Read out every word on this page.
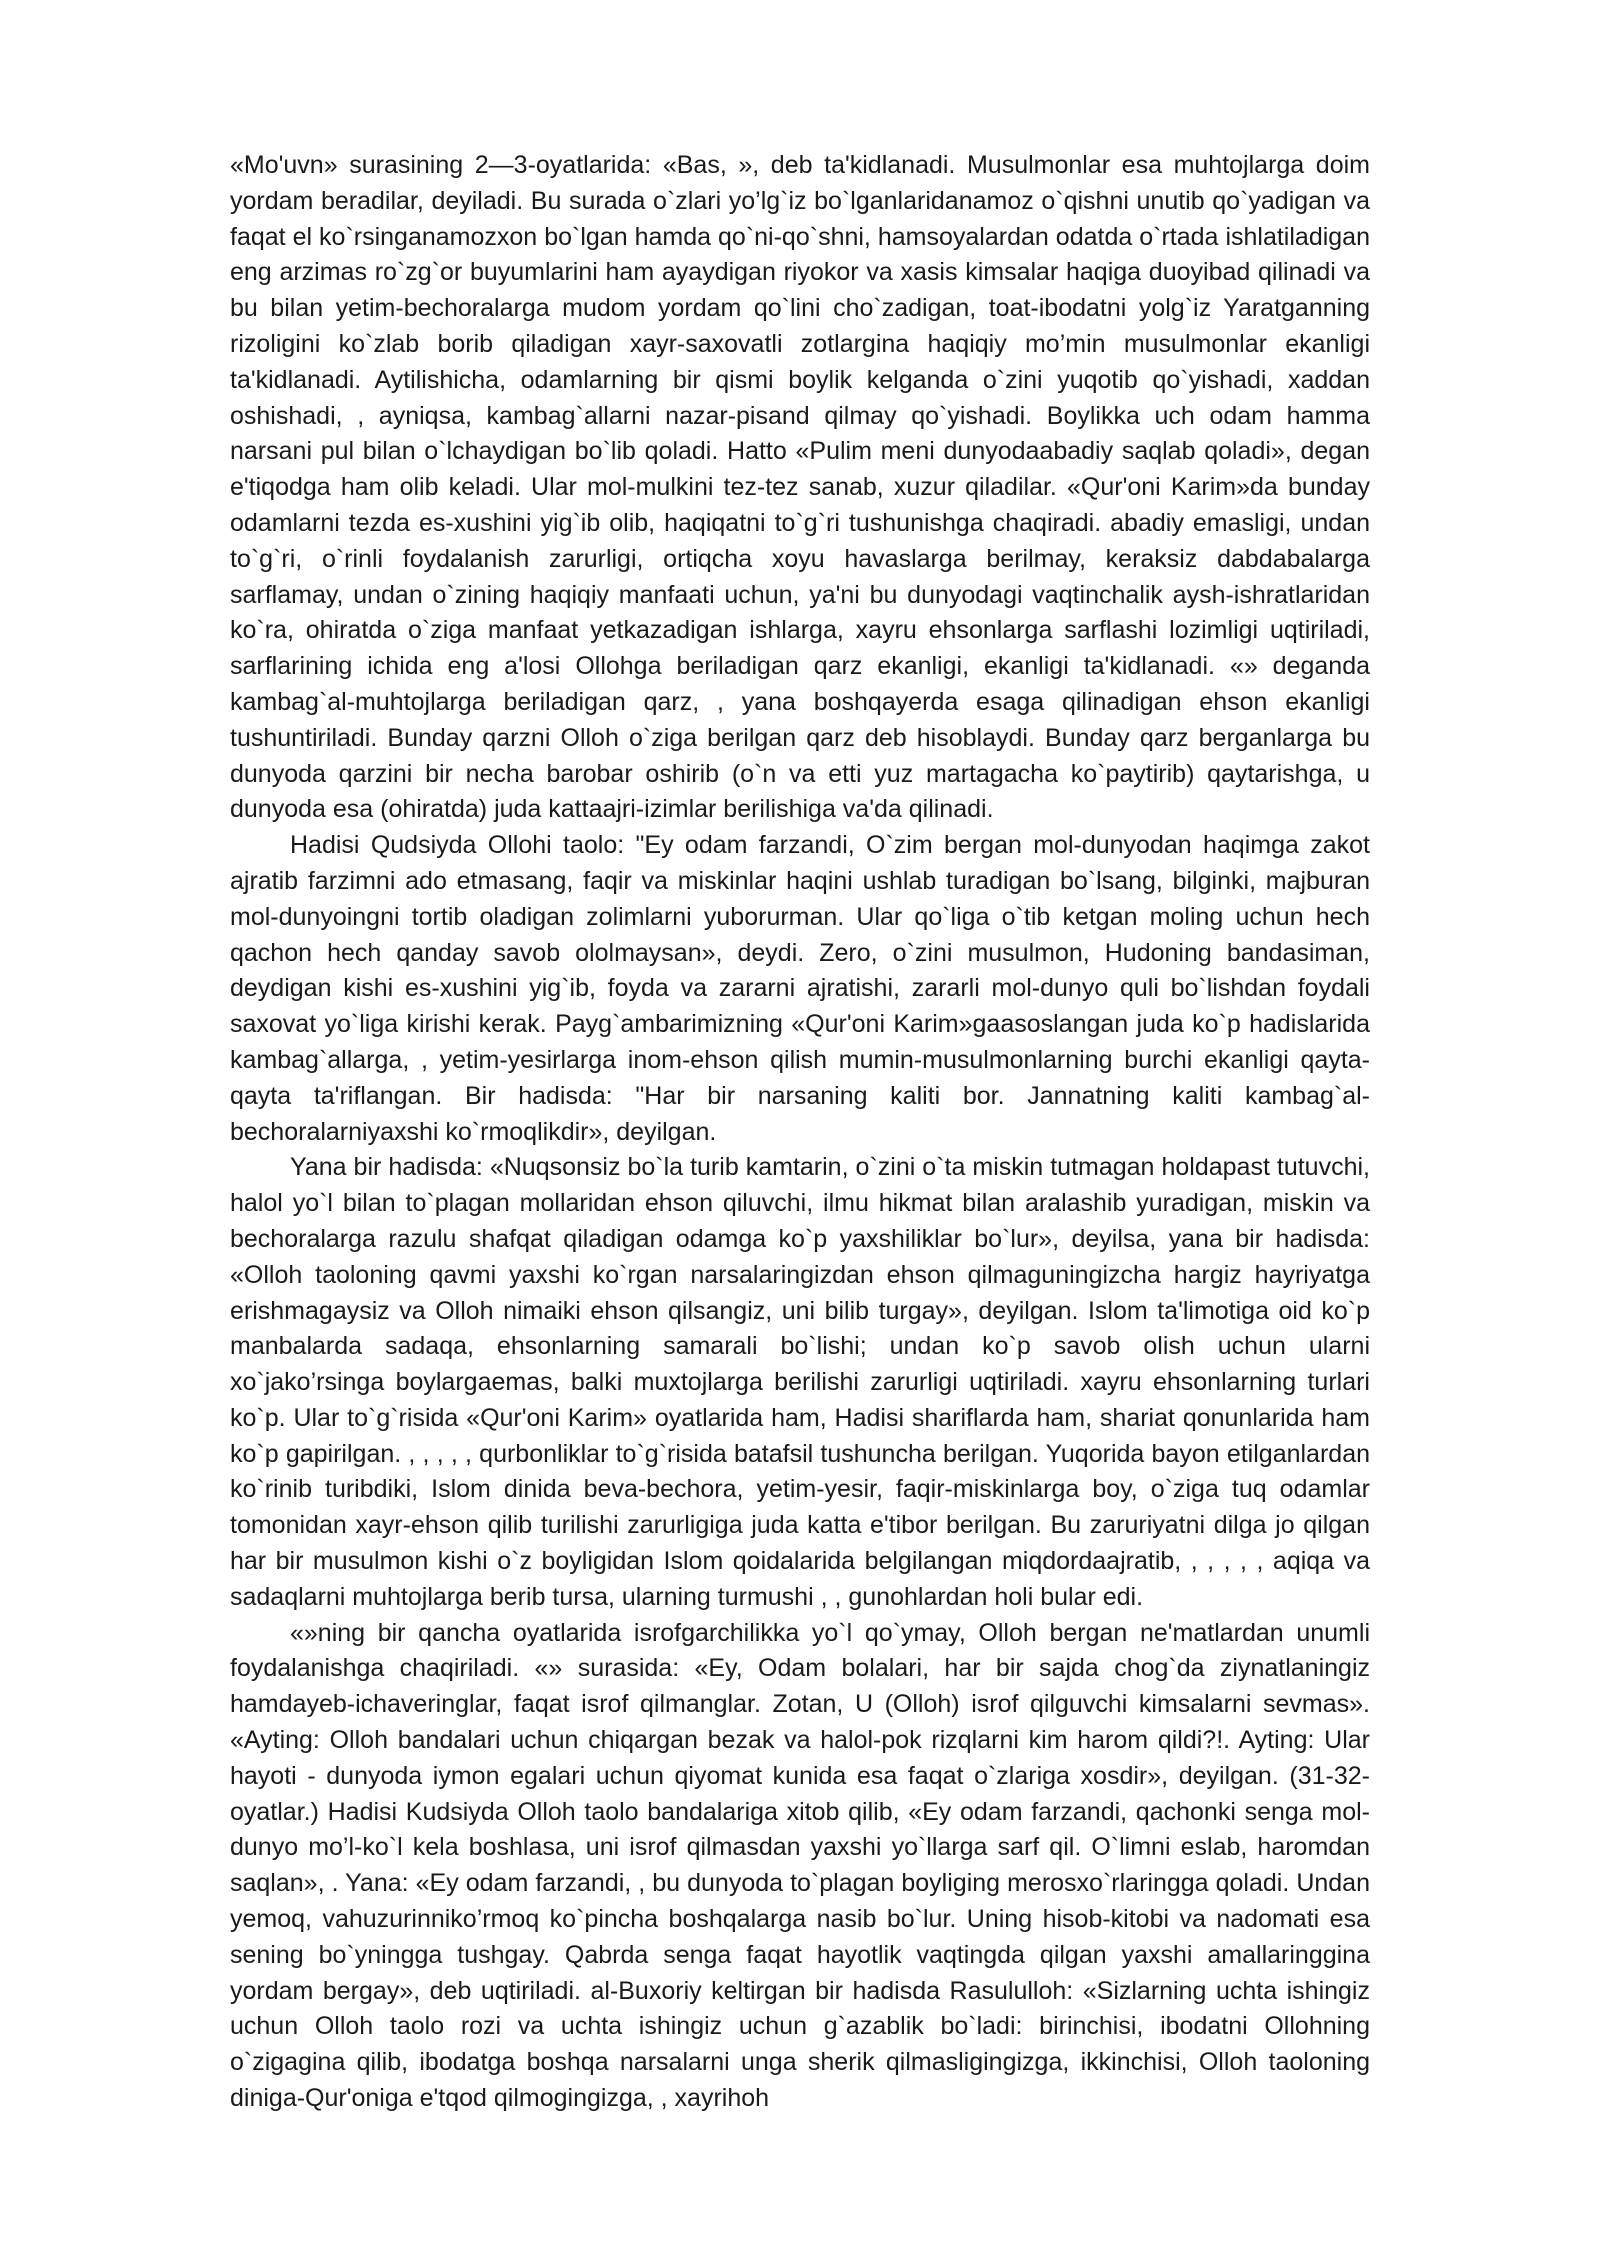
«Mo'uvn» surasining 2—3-oyatlarida: «Bas, », deb ta'kidlanadi. Musulmonlar esa muhtojlarga doim yordam beradilar, deyiladi. Bu surada o`zlari yo’lg`iz bo`lganlaridanamoz o`qishni unutib qo`yadigan va faqat el ko`rsinganamozxon bo`lgan hamda qo`ni-qo`shni, hamsoyalardan odatda o`rtada ishlatiladigan eng arzimas ro`zg`or buyumlarini ham ayaydigan riyokor va xasis kimsalar haqiga duoyibad qilinadi va bu bilan yetim-bechoralarga mudom yordam qo`lini cho`zadigan, toat-ibodatni yolg`iz Yaratganning rizoligini ko`zlab borib qiladigan xayr-saxovatli zotlargina haqiqiy mo’min musulmonlar ekanligi ta'kidlanadi. Aytilishicha, odamlarning bir qismi boylik kelganda o`zini yuqotib qo`yishadi, xaddan oshishadi, , ayniqsa, kambag`allarni nazar-pisand qilmay qo`yishadi. Boylikka uch odam hamma narsani pul bilan o`lchaydigan bo`lib qoladi. Hatto «Pulim meni dunyodaabadiy saqlab qoladi», degan e'tiqodga ham olib keladi. Ular mol-mulkini tez-tez sanab, xuzur qiladilar. «Qur'oni Karim»da bunday odamlarni tezda es-xushini yig`ib olib, haqiqatni to`g`ri tushunishga chaqiradi. abadiy emasligi, undan to`g`ri, o`rinli foydalanish zarurligi, ortiqcha xoyu havaslarga berilmay, keraksiz dabdabalarga sarflamay, undan o`zining haqiqiy manfaati uchun, ya'ni bu dunyodagi vaqtinchalik aysh-ishratlaridan ko`ra, ohiratda o`ziga manfaat yetkazadigan ishlarga, xayru ehsonlarga sarflashi lozimligi uqtiriladi, sarflarining ichida eng a'losi Ollohga beriladigan qarz ekanligi, ekanligi ta'kidlanadi. «» deganda kambag`al-muhtojlarga beriladigan qarz, , yana boshqayerda esaga qilinadigan ehson ekanligi tushuntiriladi. Bunday qarzni Olloh o`ziga berilgan qarz deb hisoblaydi. Bunday qarz berganlarga bu dunyoda qarzini bir necha barobar oshirib (o`n va etti yuz martagacha ko`paytirib) qaytarishga, u dunyoda esa (ohiratda) juda kattaajri-izimlar berilishiga va'da qilinadi.

Hadisi Qudsiyda Ollohi taolo: "Ey odam farzandi, O`zim bergan mol-dunyodan haqimga zakot ajratib farzimni ado etmasang, faqir va miskinlar haqini ushlab turadigan bo`lsang, bilginki, majburan mol-dunyoingni tortib oladigan zolimlarni yuborurman. Ular qo`liga o`tib ketgan moling uchun hech qachon hech qanday savob ololmaysan», deydi. Zero, o`zini musulmon, Hudoning bandasiman, deydigan kishi es-xushini yig`ib, foyda va zararni ajratishi, zararli mol-dunyo quli bo`lishdan foydali saxovat yo`liga kirishi kerak. Payg`ambarimizning «Qur'oni Karim»gaasoslangan juda ko`p hadislarida kambag`allarga, , yetim-yesirlarga inom-ehson qilish mumin-musulmonlarning burchi ekanligi qayta-qayta ta'riflangan. Bir hadisda: "Har bir narsaning kaliti bor. Jannatning kaliti kambag`al-bechoralarniyaxshi ko`rmoqlikdir», deyilgan.

Yana bir hadisda: «Nuqsonsiz bo`la turib kamtarin, o`zini o`ta miskin tutmagan holdapast tutuvchi, halol yo`l bilan to`plagan mollaridan ehson qiluvchi, ilmu hikmat bilan aralashib yuradigan, miskin va bechoralarga razulu shafqat qiladigan odamga ko`p yaxshiliklar bo`lur», deyilsa, yana bir hadisda: «Olloh taoloning qavmi yaxshi ko`rgan narsalaringizdan ehson qilmaguningizcha hargiz hayriyatga erishmagaysiz va Olloh nimaiki ehson qilsangiz, uni bilib turgay», deyilgan. Islom ta'limotiga oid ko`p manbalarda sadaqa, ehsonlarning samarali bo`lishi; undan ko`p savob olish uchun ularni xo`jako’rsinga boylargaemas, balki muxtojlarga berilishi zarurligi uqtiriladi. xayru ehsonlarning turlari ko`p. Ular to`g`risida «Qur'oni Karim» oyatlarida ham, Hadisi shariflarda ham, shariat qonunlarida ham ko`p gapirilgan. , , , , , qurbonliklar to`g`risida batafsil tushuncha berilgan. Yuqorida bayon etilganlardan ko`rinib turibdiki, Islom dinida beva-bechora, yetim-yesir, faqir-miskinlarga boy, o`ziga tuq odamlar tomonidan xayr-ehson qilib turilishi zarurligiga juda katta e'tibor berilgan. Bu zaruriyatni dilga jo qilgan har bir musulmon kishi o`z boyligidan Islom qoidalarida belgilangan miqdordaajratib, , , , , , aqiqa va sadaqlarni muhtojlarga berib tursa, ularning turmushi , , gunohlardan holi bular edi.

«»ning bir qancha oyatlarida isrofgarchilikka yo`l qo`ymay, Olloh bergan ne'matlardan unumli foydalanishga chaqiriladi. «» surasida: «Ey, Odam bolalari, har bir sajda chog`da ziynatlaningiz hamdayeb-ichaveringlar, faqat isrof qilmanglar. Zotan, U (Olloh) isrof qilguvchi kimsalarni sevmas». «Ayting: Olloh bandalari uchun chiqargan bezak va halol-pok rizqlarni kim harom qildi?!. Ayting: Ular hayoti - dunyoda iymon egalari uchun qiyomat kunida esa faqat o`zlariga xosdir», deyilgan. (31-32-oyatlar.) Hadisi Kudsiyda Olloh taolo bandalariga xitob qilib, «Ey odam farzandi, qachonki senga mol-dunyo mo’l-ko`l kela boshlasa, uni isrof qilmasdan yaxshi yo`llarga sarf qil. O`limni eslab, haromdan saqlan», . Yana: «Ey odam farzandi, , bu dunyoda to`plagan boyliging merosxo`rlaringga qoladi. Undan yemoq, vahuzurinniko’rmoq ko`pincha boshqalarga nasib bo`lur. Uning hisob-kitobi va nadomati esa sening bo`yningga tushgay. Qabrda senga faqat hayotlik vaqtingda qilgan yaxshi amallaringgina yordam bergay», deb uqtiriladi. al-Buxoriy keltirgan bir hadisda Rasululloh: «Sizlarning uchta ishingiz uchun Olloh taolo rozi va uchta ishingiz uchun g`azablik bo`ladi: birinchisi, ibodatni Ollohning o`zigagina qilib, ibodatga boshqa narsalarni unga sherik qilmasligingizga, ikkinchisi, Olloh taoloning diniga-Qur'oniga e'tqod qilmogingizga, , xayrihoh
